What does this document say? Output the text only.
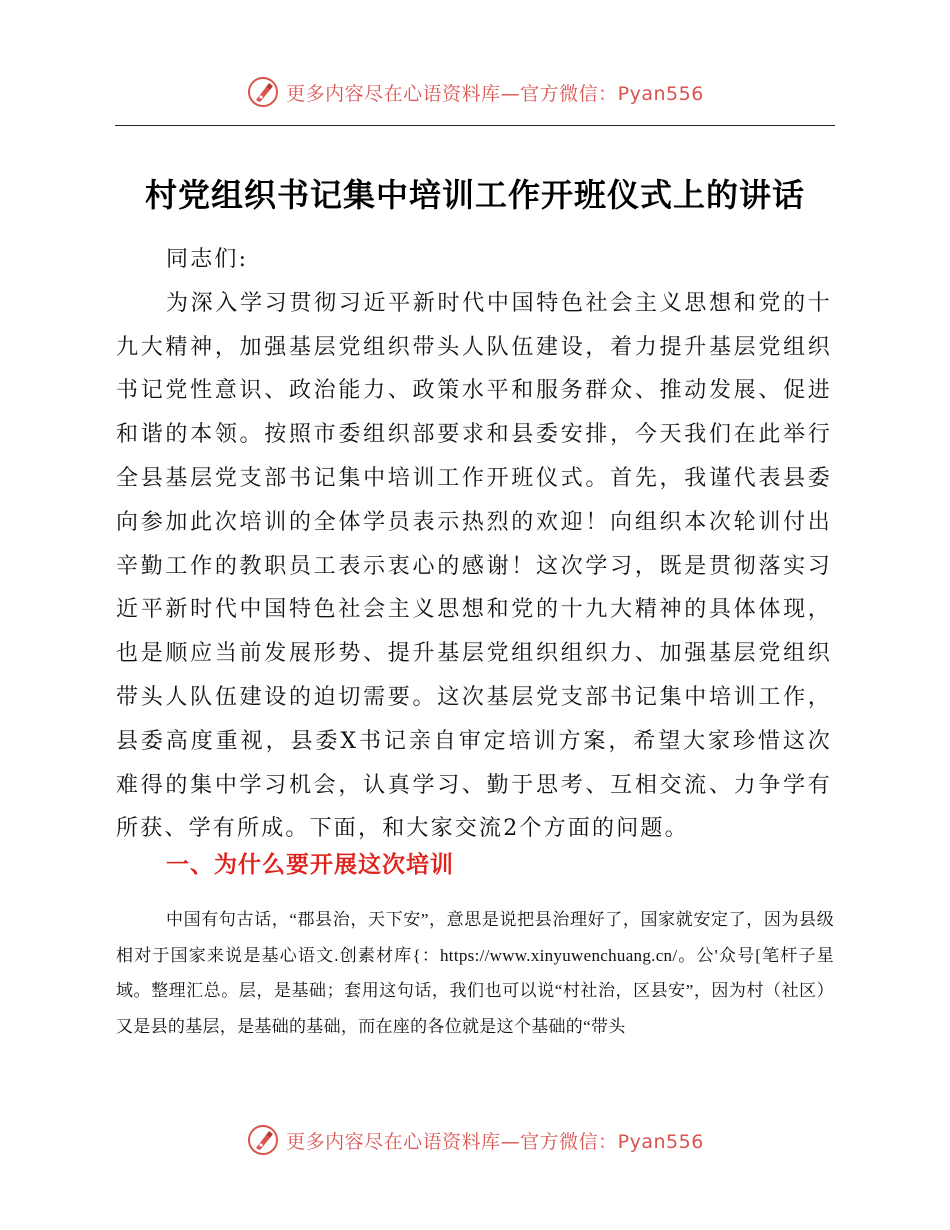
更多内容尽在心语资料库—官方微信：Pyan556
村党组织书记集中培训工作开班仪式上的讲话

同志们:

为深入学习贯彻习近平新时代中国特色社会主义思想和党的十九大精神，加强基层党组织带头人队伍建设，着力提升基层党组织书记党性意识、政治能力、政策水平和服务群众、推动发展、促进和谐的本领。按照市委组织部要求和县委安排，今天我们在此举行全县基层党支部书记集中培训工作开班仪式。首先，我谨代表县委向参加此次培训的全体学员表示热烈的欢迎！向组织本次轮训付出辛勤工作的教职员工表示衷心的感谢！这次学习，既是贯彻落实习近平新时代中国特色社会主义思想和党的十九大精神的具体体现，也是顺应当前发展形势、提升基层党组织组织力、加强基层党组织带头人队伍建设的迫切需要。这次基层党支部书记集中培训工作，县委高度重视，县委X书记亲自审定培训方案，希望大家珍惜这次难得的集中学习机会，认真学习、勤于思考、互相交流、力争学有所获、学有所成。下面，和大家交流2个方面的问题。

一、为什么要开展这次培训

中国有句古话，“郡县治，天下安”，意思是说把县治理好了，国家就安定了，因为县级相对于国家来说是基心语文.创素材库{：https://www.xinyuwenchuang.cn/。公'众号[笔杆子星域。整理汇总。层，是基础；套用这句话，我们也可以说“村社治，区县安”，因为村（社区）又是县的基层，是基础的基础，而在座的各位就是这个基础的“带头

更多内容尽在心语资料库—官方微信：Pyan556
